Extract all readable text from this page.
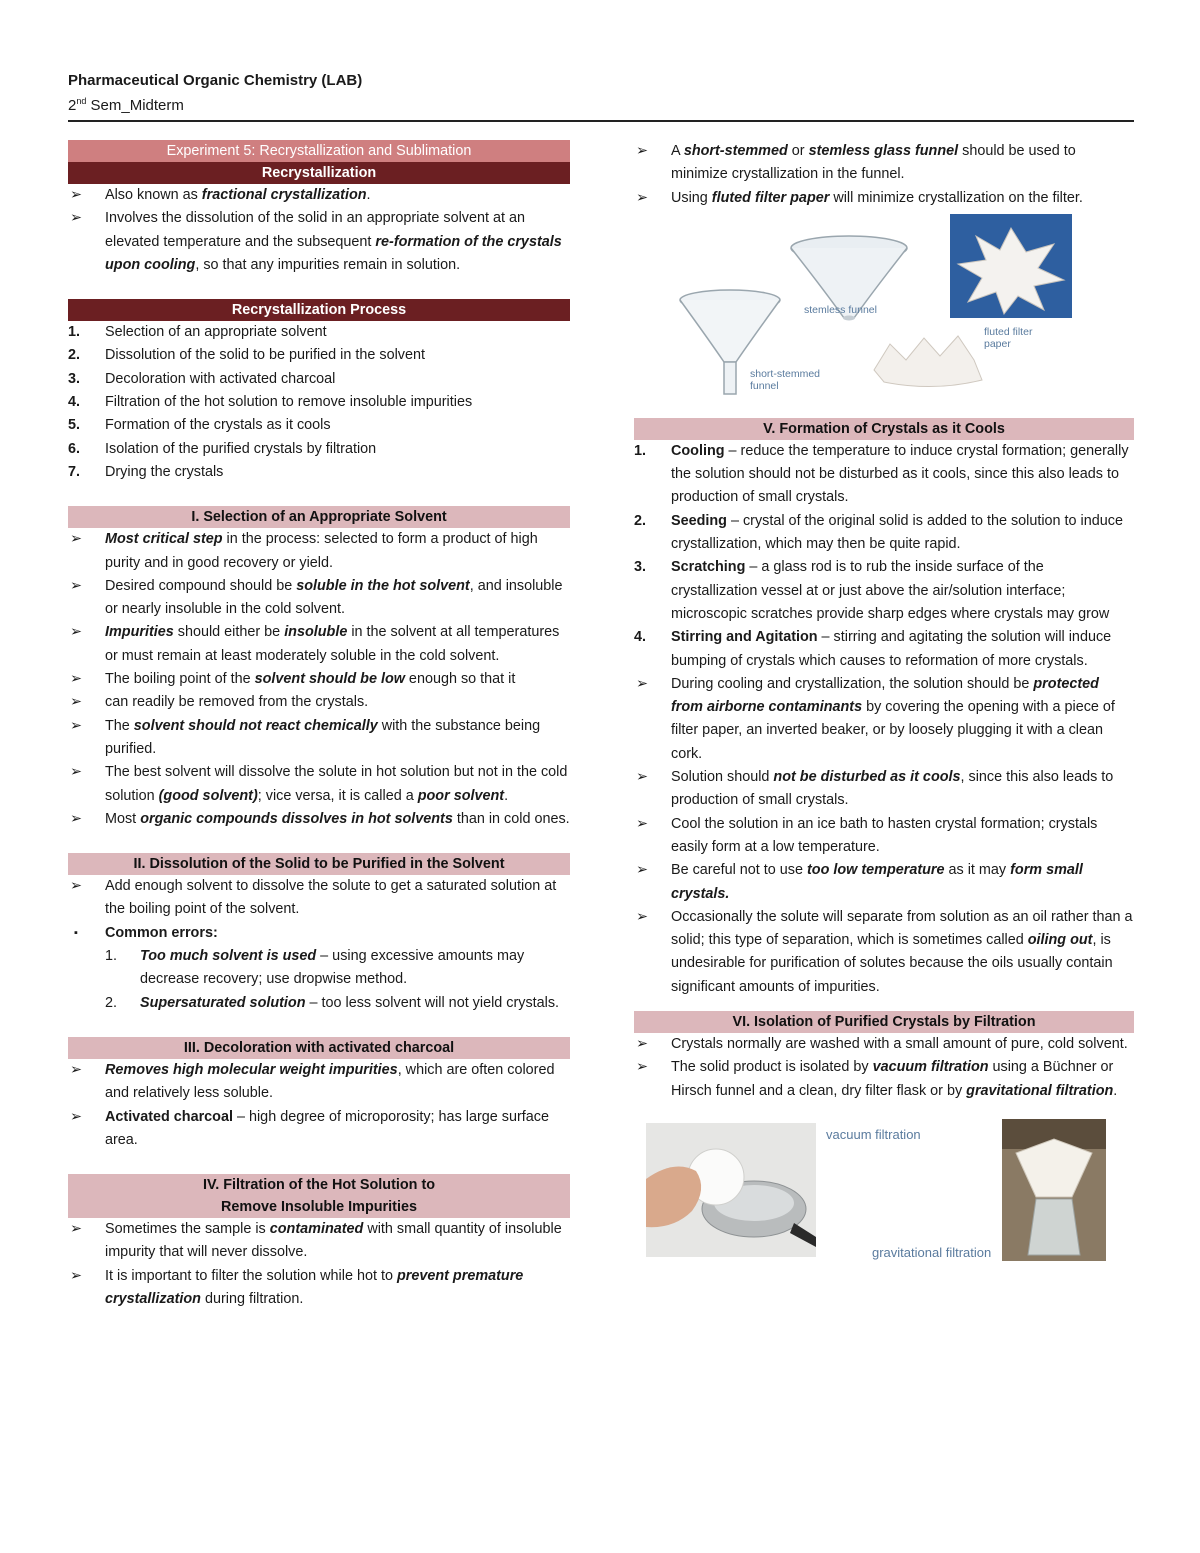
Pharmaceutical Organic Chemistry (LAB)
2nd Sem_Midterm
Experiment 5: Recrystallization and Sublimation
Recrystallization
➢ Also known as fractional crystallization.
➢ Involves the dissolution of the solid in an appropriate solvent at an elevated temperature and the subsequent re-formation of the crystals upon cooling, so that any impurities remain in solution.
Recrystallization Process
1. Selection of an appropriate solvent
2. Dissolution of the solid to be purified in the solvent
3. Decoloration with activated charcoal
4. Filtration of the hot solution to remove insoluble impurities
5. Formation of the crystals as it cools
6. Isolation of the purified crystals by filtration
7. Drying the crystals
I. Selection of an Appropriate Solvent
➢ Most critical step in the process: selected to form a product of high purity and in good recovery or yield.
➢ Desired compound should be soluble in the hot solvent, and insoluble or nearly insoluble in the cold solvent.
➢ Impurities should either be insoluble in the solvent at all temperatures or must remain at least moderately soluble in the cold solvent.
➢ The boiling point of the solvent should be low enough so that it
➢ can readily be removed from the crystals.
➢ The solvent should not react chemically with the substance being purified.
➢ The best solvent will dissolve the solute in hot solution but not in the cold solution (good solvent); vice versa, it is called a poor solvent.
➢ Most organic compounds dissolves in hot solvents than in cold ones.
II. Dissolution of the Solid to be Purified in the Solvent
➢ Add enough solvent to dissolve the solute to get a saturated solution at the boiling point of the solvent.
▪ Common errors:
1. Too much solvent is used – using excessive amounts may decrease recovery; use dropwise method.
2. Supersaturated solution – too less solvent will not yield crystals.
III. Decoloration with activated charcoal
➢ Removes high molecular weight impurities, which are often colored and relatively less soluble.
➢ Activated charcoal – high degree of microporosity; has large surface area.
IV. Filtration of the Hot Solution to
Remove Insoluble Impurities
➢ Sometimes the sample is contaminated with small quantity of insoluble impurity that will never dissolve.
➢ It is important to filter the solution while hot to prevent premature crystallization during filtration.
➢ A short-stemmed or stemless glass funnel should be used to minimize crystallization in the funnel.
➢ Using fluted filter paper will minimize crystallization on the filter.
stemless funnel
fluted filter paper
short-stemmed funnel
V. Formation of Crystals as it Cools
1. Cooling – reduce the temperature to induce crystal formation; generally the solution should not be disturbed as it cools, since this also leads to production of small crystals.
2. Seeding – crystal of the original solid is added to the solution to induce crystallization, which may then be quite rapid.
3. Scratching – a glass rod is to rub the inside surface of the crystallization vessel at or just above the air/solution interface; microscopic scratches provide sharp edges where crystals may grow
4. Stirring and Agitation – stirring and agitating the solution will induce bumping of crystals which causes to reformation of more crystals.
➢ During cooling and crystallization, the solution should be protected from airborne contaminants by covering the opening with a piece of filter paper, an inverted beaker, or by loosely plugging it with a clean cork.
➢ Solution should not be disturbed as it cools, since this also leads to production of small crystals.
➢ Cool the solution in an ice bath to hasten crystal formation; crystals easily form at a low temperature.
➢ Be careful not to use too low temperature as it may form small crystals.
➢ Occasionally the solute will separate from solution as an oil rather than a solid; this type of separation, which is sometimes called oiling out, is undesirable for purification of solutes because the oils usually contain significant amounts of impurities.
VI. Isolation of Purified Crystals by Filtration
➢ Crystals normally are washed with a small amount of pure, cold solvent.
➢ The solid product is isolated by vacuum filtration using a Büchner or Hirsch funnel and a clean, dry filter flask or by gravitational filtration.
vacuum filtration
gravitational filtration
